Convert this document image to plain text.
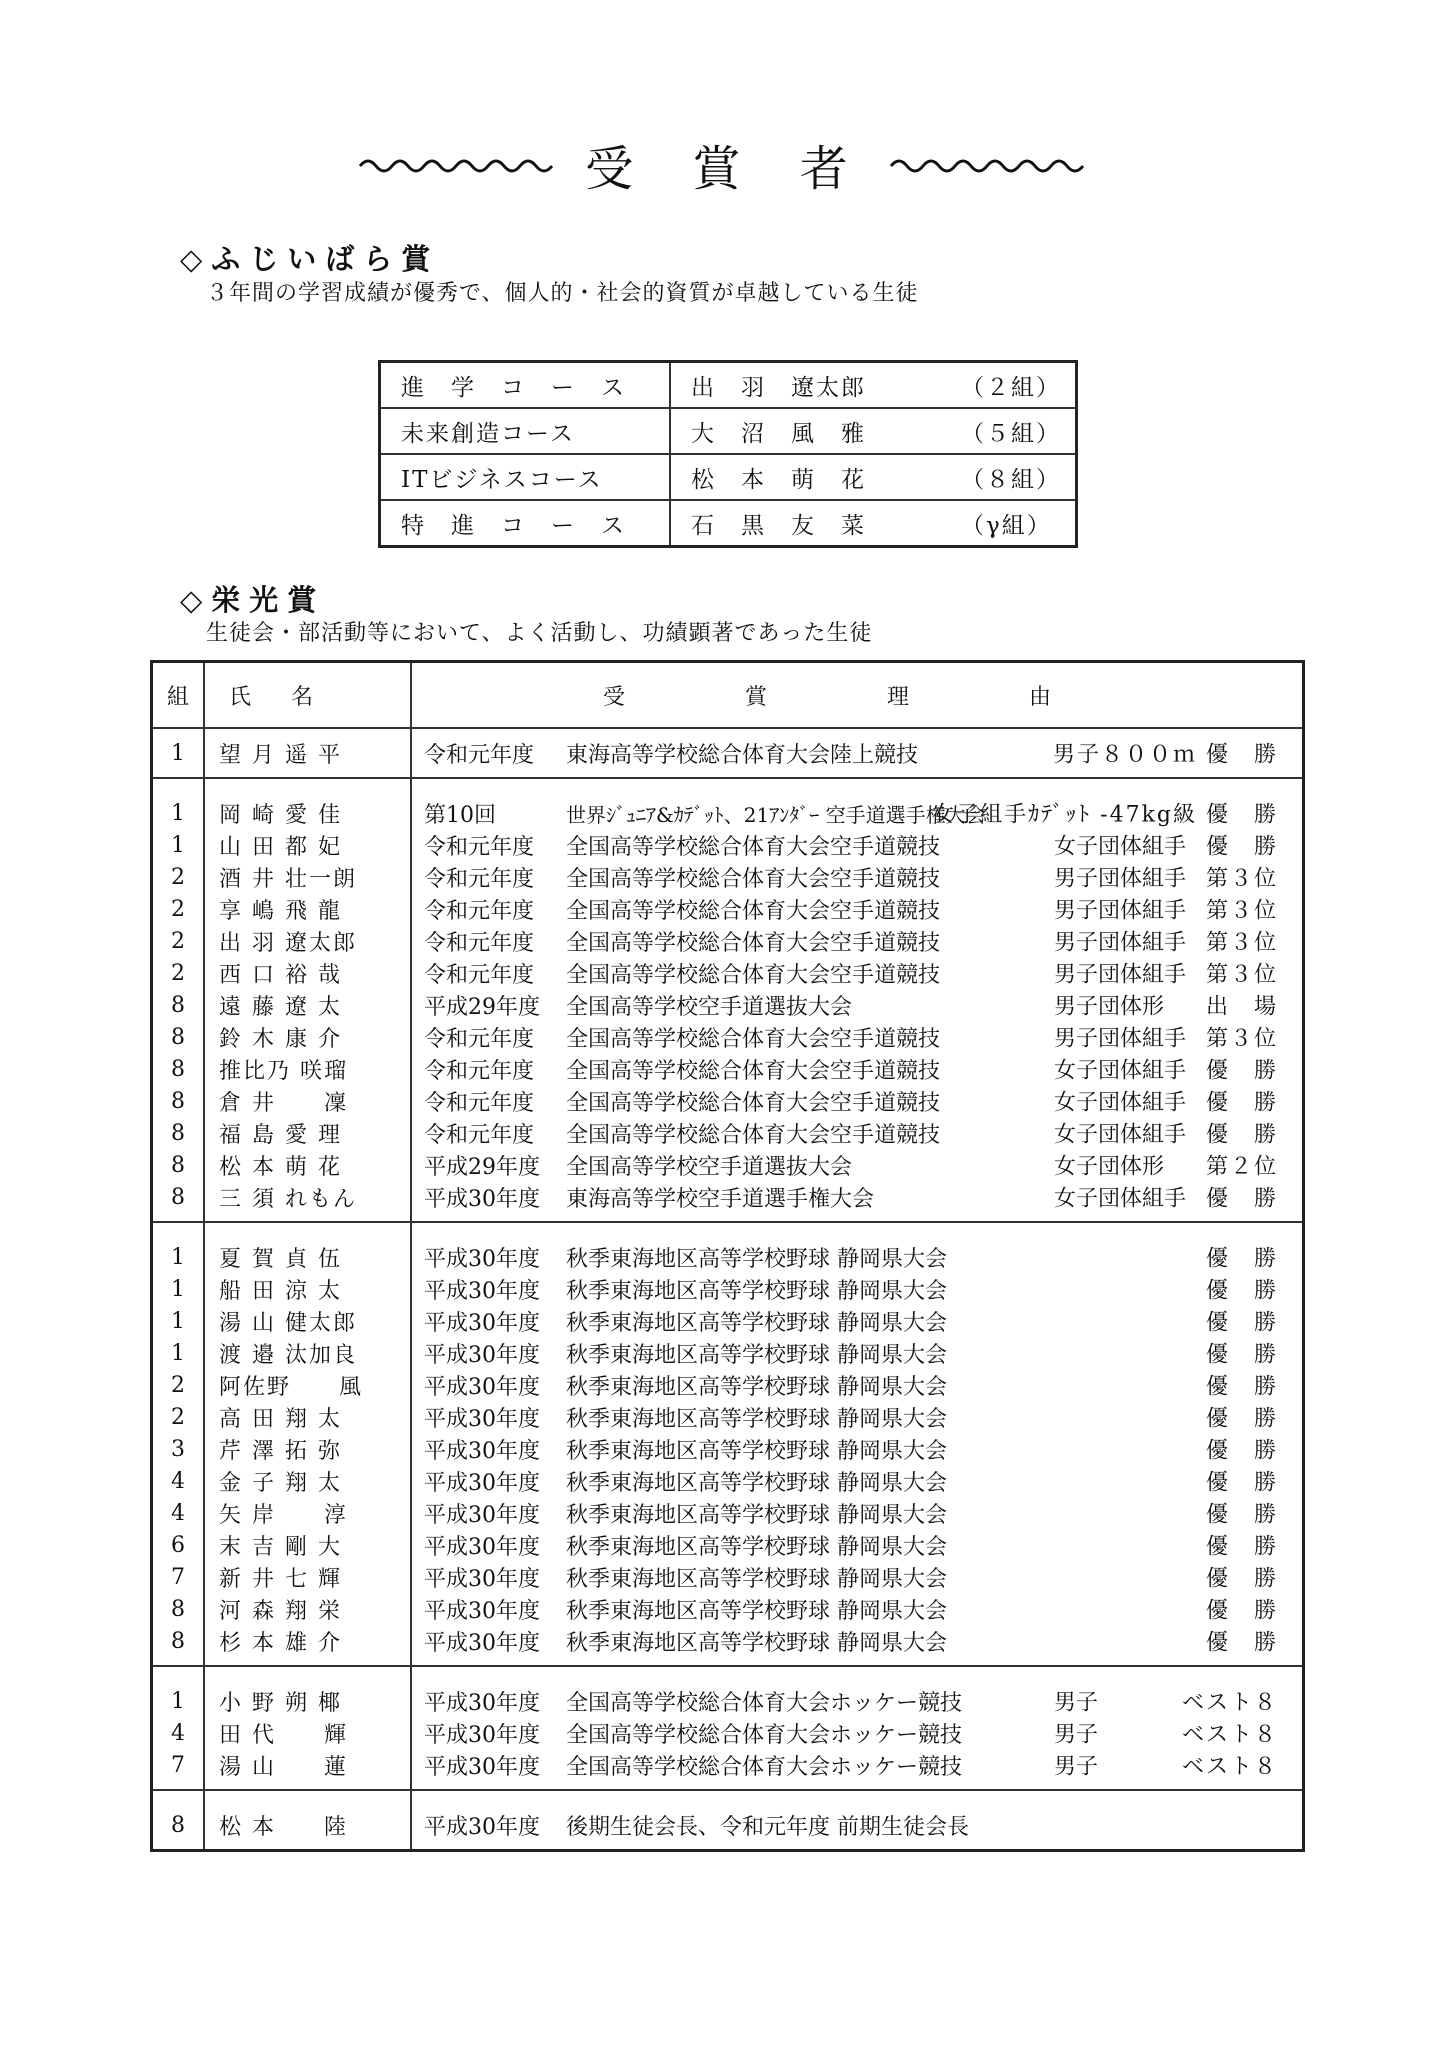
受 賞 者
◇ふじいばら賞
３年間の学習成績が優秀で、個人的・社会的資質が卓越している生徒
進　学　コ　ー　ス	出　羽　遼太郎 （２組）
未来創造コース	大　沼　風　雅 （５組）
ITビジネスコース	松　本　萌　花 （８組）
特　進　コ　ー　ス	石　黒　友　菜 （γ組）
◇栄光賞
生徒会・部活動等において、よく活動し、功績顕著であった生徒
組	氏名	受賞理由

1	望 月 遥 平	令和元年度 東海高等学校総合体育大会陸上競技 男子８００ｍ 優　勝

1	岡 崎 愛 佳	第10回 世界ｼﾞｭﾆｱ&ｶﾃﾞｯﾄ、21ｱﾝﾀﾞｰ 空手道選手権大会
女子組手ｶﾃﾞｯﾄ -47kg級 優　勝

1	山 田 都 妃	令和元年度 全国高等学校総合体育大会空手道競技 女子団体組手 優　勝

2	酒 井 壮一朗	令和元年度 全国高等学校総合体育大会空手道競技 男子団体組手 第３位

2	享 嶋 飛 龍	令和元年度 全国高等学校総合体育大会空手道競技 男子団体組手 第３位

2	出 羽 遼太郎	令和元年度 全国高等学校総合体育大会空手道競技 男子団体組手 第３位

2	西 口 裕 哉	令和元年度 全国高等学校総合体育大会空手道競技 男子団体組手 第３位

8	遠 藤 遼 太	平成29年度 全国高等学校空手道選抜大会 男子団体形 出　場

8	鈴 木 康 介	令和元年度 全国高等学校総合体育大会空手道競技 男子団体組手 第３位

8	推比乃 咲瑠	令和元年度 全国高等学校総合体育大会空手道競技 女子団体組手 優　勝

8	倉 井　　凜	令和元年度 全国高等学校総合体育大会空手道競技 女子団体組手 優　勝

8	福 島 愛 理	令和元年度 全国高等学校総合体育大会空手道競技 女子団体組手 優　勝

8	松 本 萌 花	平成29年度 全国高等学校空手道選抜大会 女子団体形 第２位

8	三 須 れもん	平成30年度 東海高等学校空手道選手権大会 女子団体組手 優　勝

1	夏 賀 貞 伍	平成30年度 秋季東海地区高等学校野球 静岡県大会 優　勝

1	船 田 涼 太	平成30年度 秋季東海地区高等学校野球 静岡県大会 優　勝

1	湯 山 健太郎	平成30年度 秋季東海地区高等学校野球 静岡県大会 優　勝

1	渡 邉 汰加良	平成30年度 秋季東海地区高等学校野球 静岡県大会 優　勝

2	阿佐野　　風	平成30年度 秋季東海地区高等学校野球 静岡県大会 優　勝

2	高 田 翔 太	平成30年度 秋季東海地区高等学校野球 静岡県大会 優　勝

3	芹 澤 拓 弥	平成30年度 秋季東海地区高等学校野球 静岡県大会 優　勝

4	金 子 翔 太	平成30年度 秋季東海地区高等学校野球 静岡県大会 優　勝

4	矢 岸　　淳	平成30年度 秋季東海地区高等学校野球 静岡県大会 優　勝

6	末 吉 剛 大	平成30年度 秋季東海地区高等学校野球 静岡県大会 優　勝

7	新 井 七 輝	平成30年度 秋季東海地区高等学校野球 静岡県大会 優　勝

8	河 森 翔 栄	平成30年度 秋季東海地区高等学校野球 静岡県大会 優　勝

8	杉 本 雄 介	平成30年度 秋季東海地区高等学校野球 静岡県大会 優　勝

1	小 野 朔 椰	平成30年度 全国高等学校総合体育大会ホッケー競技 男子 ベスト８

4	田 代　　輝	平成30年度 全国高等学校総合体育大会ホッケー競技 男子 ベスト８

7	湯 山　　蓮	平成30年度 全国高等学校総合体育大会ホッケー競技 男子 ベスト８

8	松 本　　陸	平成30年度 後期生徒会長、令和元年度 前期生徒会長
